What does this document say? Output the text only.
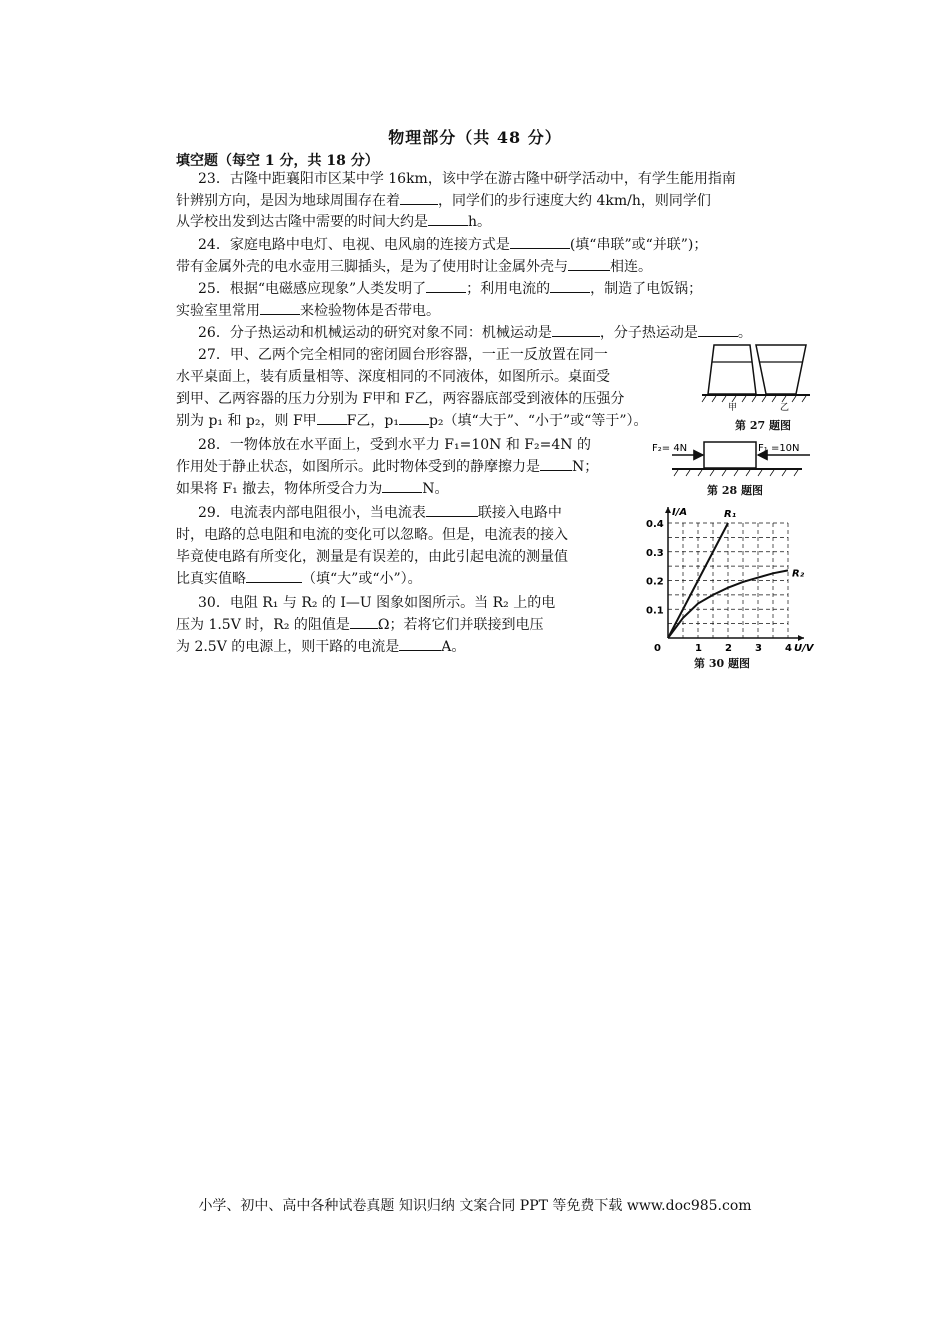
物理部分（共 48 分）
填空题（每空 1 分，共 18 分）
23．古隆中距襄阳市区某中学 16km，该中学在游古隆中研学活动中，有学生能用指南
针辨别方向，是因为地球周围存在着	，同学们的步行速度大约 4km/h，则同学们
从学校出发到达古隆中需要的时间大约是	h。
24．家庭电路中电灯、电视、电风扇的连接方式是	(填“串联”或“并联”)；
带有金属外壳的电水壶用三脚插头，是为了使用时让金属外壳与	相连。
25．根据“电磁感应现象”人类发明了	；利用电流的	，制造了电饭锅；
实验室里常用	来检验物体是否带电。
26．分子热运动和机械运动的研究对象不同：机械运动是	，分子热运动是	。
27．甲、乙两个完全相同的密闭圆台形容器，一正一反放置在同一
水平桌面上，装有质量相等、深度相同的不同液体，如图所示。桌面受
到甲、乙两容器的压力分别为 F甲和 F乙，两容器底部受到液体的压强分
别为 p₁ 和 p₂，则 F甲 F乙，p₁ p₂（填“大于”、“小于”或“等于”）。
甲	乙
第 27 题图
28．一物体放在水平面上，受到水平力 F₁=10N 和 F₂=4N 的
作用处于静止状态，如图所示。此时物体受到的静摩擦力是 N；
如果将 F₁ 撤去，物体所受合力为	N。
F₂= 4N	F₁ =10N
第 28 题图
29．电流表内部电阻很小，当电流表	联接入电路中
时，电路的总电阻和电流的变化可以忽略。但是，电流表的接入
毕竟使电路有所变化，测量是有误差的，由此引起电流的测量值
比真实值略	（填“大”或“小”）。
30．电阻 R₁ 与 R₂ 的 I—U 图象如图所示。当 R₂ 上的电
压为 1.5V 时，R₂ 的阻值是 Ω；若将它们并联接到电压
为 2.5V 的电源上，则干路的电流是	A。	U/V
I/A
0	1 2 3 4
0.1
0.2
0.3
0.4
R₁
R₂
第 30 题图
小学、初中、高中各种试卷真题 知识归纳 文案合同 PPT 等免费下载 www.doc985.com
